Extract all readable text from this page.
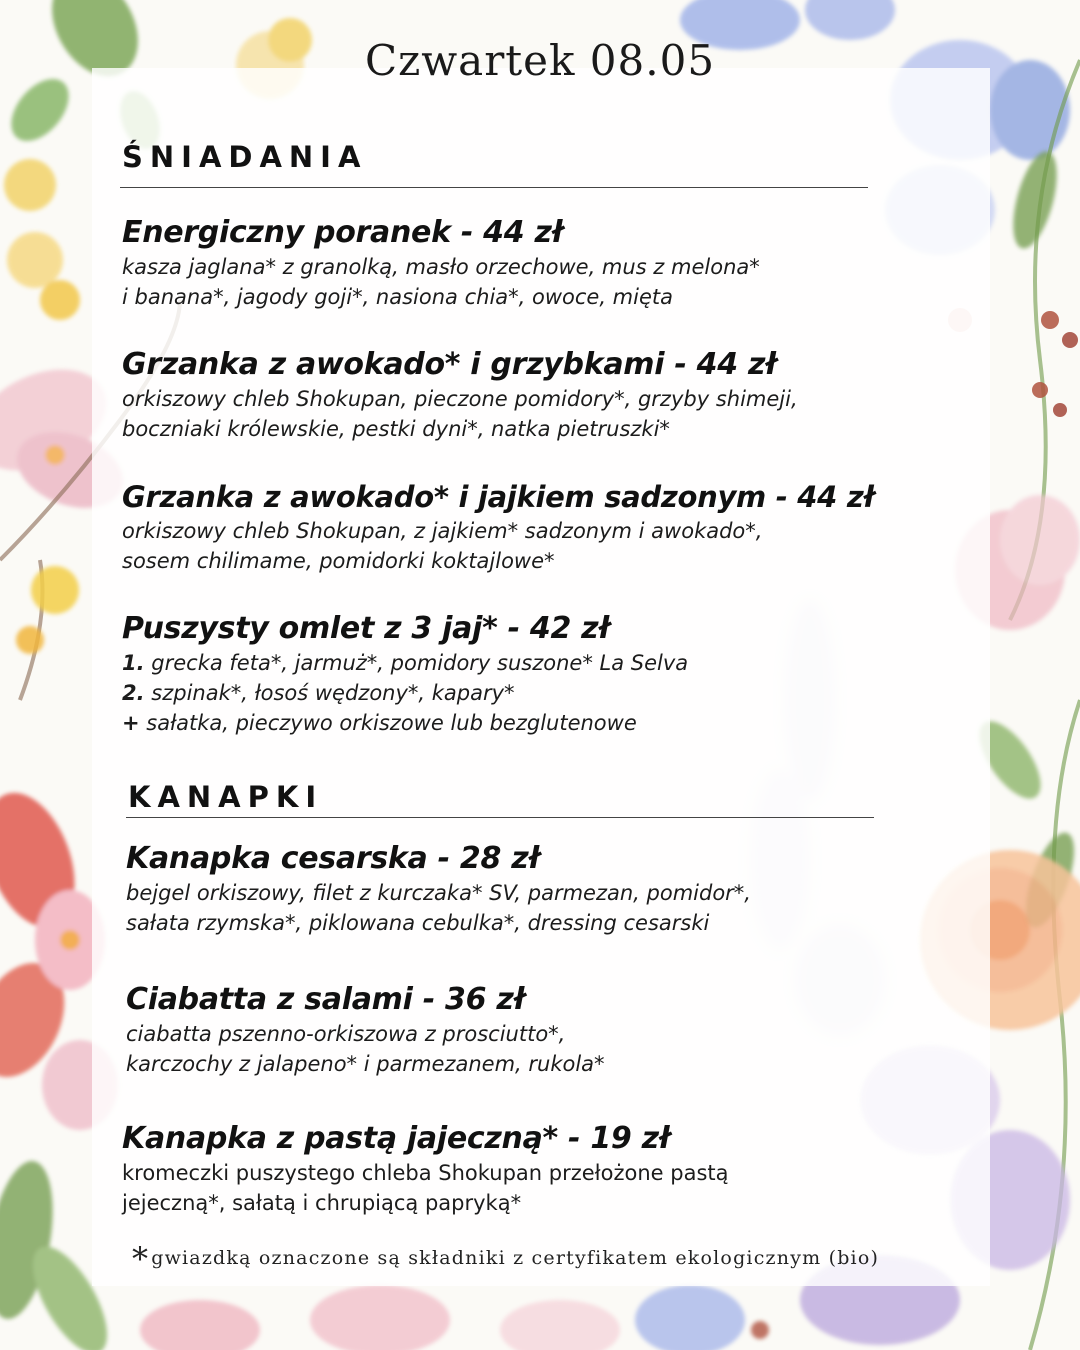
Czwartek 08.05
ŚNIADANIA
Energiczny poranek - 44 zł
kasza jaglana* z granolką, masło orzechowe, mus z melona*
i banana*, jagody goji*, nasiona chia*, owoce, mięta
Grzanka z awokado* i grzybkami - 44 zł
orkiszowy chleb Shokupan, pieczone pomidory*, grzyby shimeji,
boczniaki królewskie, pestki dyni*, natka pietruszki*
Grzanka z awokado* i jajkiem sadzonym - 44 zł
orkiszowy chleb Shokupan, z jajkiem* sadzonym i awokado*,
sosem chilimame, pomidorki koktajlowe*
Puszysty omlet z 3 jaj* - 42 zł
1. grecka feta*, jarmuż*, pomidory suszone* La Selva
2. szpinak*, łosoś wędzony*, kapary*
+ sałatka, pieczywo orkiszowe lub bezglutenowe
KANAPKI
Kanapka cesarska - 28 zł
bejgel orkiszowy, filet z kurczaka* SV, parmezan, pomidor*,
sałata rzymska*, piklowana cebulka*, dressing cesarski
Ciabatta z salami - 36 zł
ciabatta pszenno-orkiszowa z prosciutto*,
karczochy z jalapeno* i parmezanem, rukola*
Kanapka z pastą jajeczną* - 19 zł
kromeczki puszystego chleba Shokupan przełożone pastą
jejeczną*, sałatą i chrupiącą papryką*
* gwiazdką oznaczone są składniki z certyfikatem ekologicznym (bio)
